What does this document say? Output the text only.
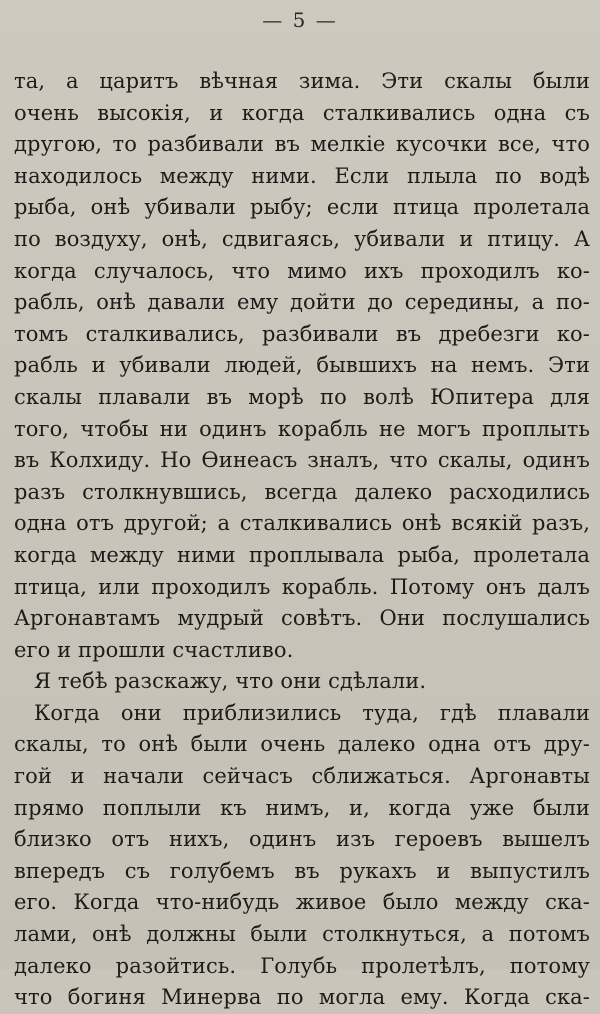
— 5 —
та, а царитъ вѣчная зима. Эти скалы были
очень высокiя, и когда сталкивались одна съ
другою, то разбивали въ мелкiе кусочки все, что
находилось между ними. Если плыла по водѣ
рыба, онѣ убивали рыбу; если птица пролетала
по воздуху, онѣ, сдвигаясь, убивали и птицу. А
когда случалось, что мимо ихъ проходилъ ко-
рабль, онѣ давали ему дойти до середины, а по-
томъ сталкивались, разбивали въ дребезги ко-
рабль и убивали людей, бывшихъ на немъ. Эти
скалы плавали въ морѣ по волѣ Юпитера для
того, чтобы ни одинъ корабль не могъ проплыть
въ Колхиду. Но Ѳинеасъ зналъ, что скалы, одинъ
разъ столкнувшись, всегда далеко расходились
одна отъ другой; а сталкивались онѣ всякiй разъ,
когда между ними проплывала рыба, пролетала
птица, или проходилъ корабль. Потому онъ далъ
Аргонавтамъ мудрый совѣтъ. Они послушались
его и прошли счастливо.
Я тебѣ разскажу, что они сдѣлали.
Когда они приблизились туда, гдѣ плавали
скалы, то онѣ были очень далеко одна отъ дру-
гой и начали сейчасъ сближаться. Аргонавты
прямо поплыли къ нимъ, и, когда уже были
близко отъ нихъ, одинъ изъ героевъ вышелъ
впередъ съ голубемъ въ рукахъ и выпустилъ
его. Когда что-нибудь живое было между ска-
лами, онѣ должны были столкнуться, а потомъ
далеко разойтись. Голубь пролетѣлъ, потому
что богиня Минерва по могла ему. Когда ска-
